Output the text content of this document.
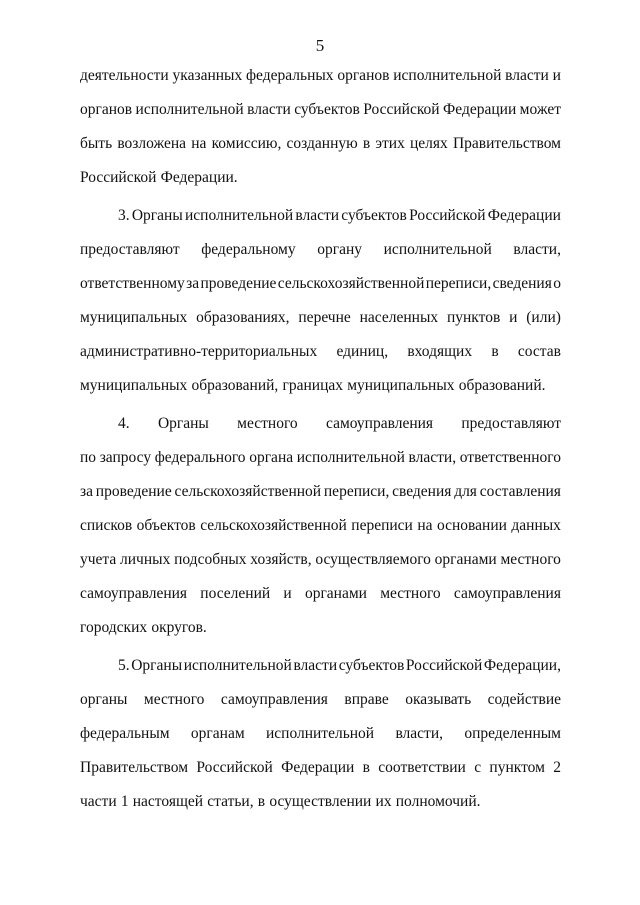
5
деятельности указанных федеральных органов исполнительной власти и
органов исполнительной власти субъектов Российской Федерации может
быть возложена на комиссию, созданную в этих целях Правительством
Российской Федерации.
3. Органы исполнительной власти субъектов Российской Федерации
предоставляют федеральному органу исполнительной власти,
ответственному за проведение сельскохозяйственной переписи, сведения о
муниципальных образованиях, перечне населенных пунктов и (или)
административно-территориальных единиц, входящих в состав
муниципальных образований, границах муниципальных образований.
4. Органы местного самоуправления предоставляют
по запросу федерального органа исполнительной власти, ответственного
за проведение сельскохозяйственной переписи, сведения для составления
списков объектов сельскохозяйственной переписи на основании данных
учета личных подсобных хозяйств, осуществляемого органами местного
самоуправления поселений и органами местного самоуправления
городских округов.
5. Органы исполнительной власти субъектов Российской Федерации,
органы местного самоуправления вправе оказывать содействие
федеральным органам исполнительной власти, определенным
Правительством Российской Федерации в соответствии с пунктом 2
части 1 настоящей статьи, в осуществлении их полномочий.
